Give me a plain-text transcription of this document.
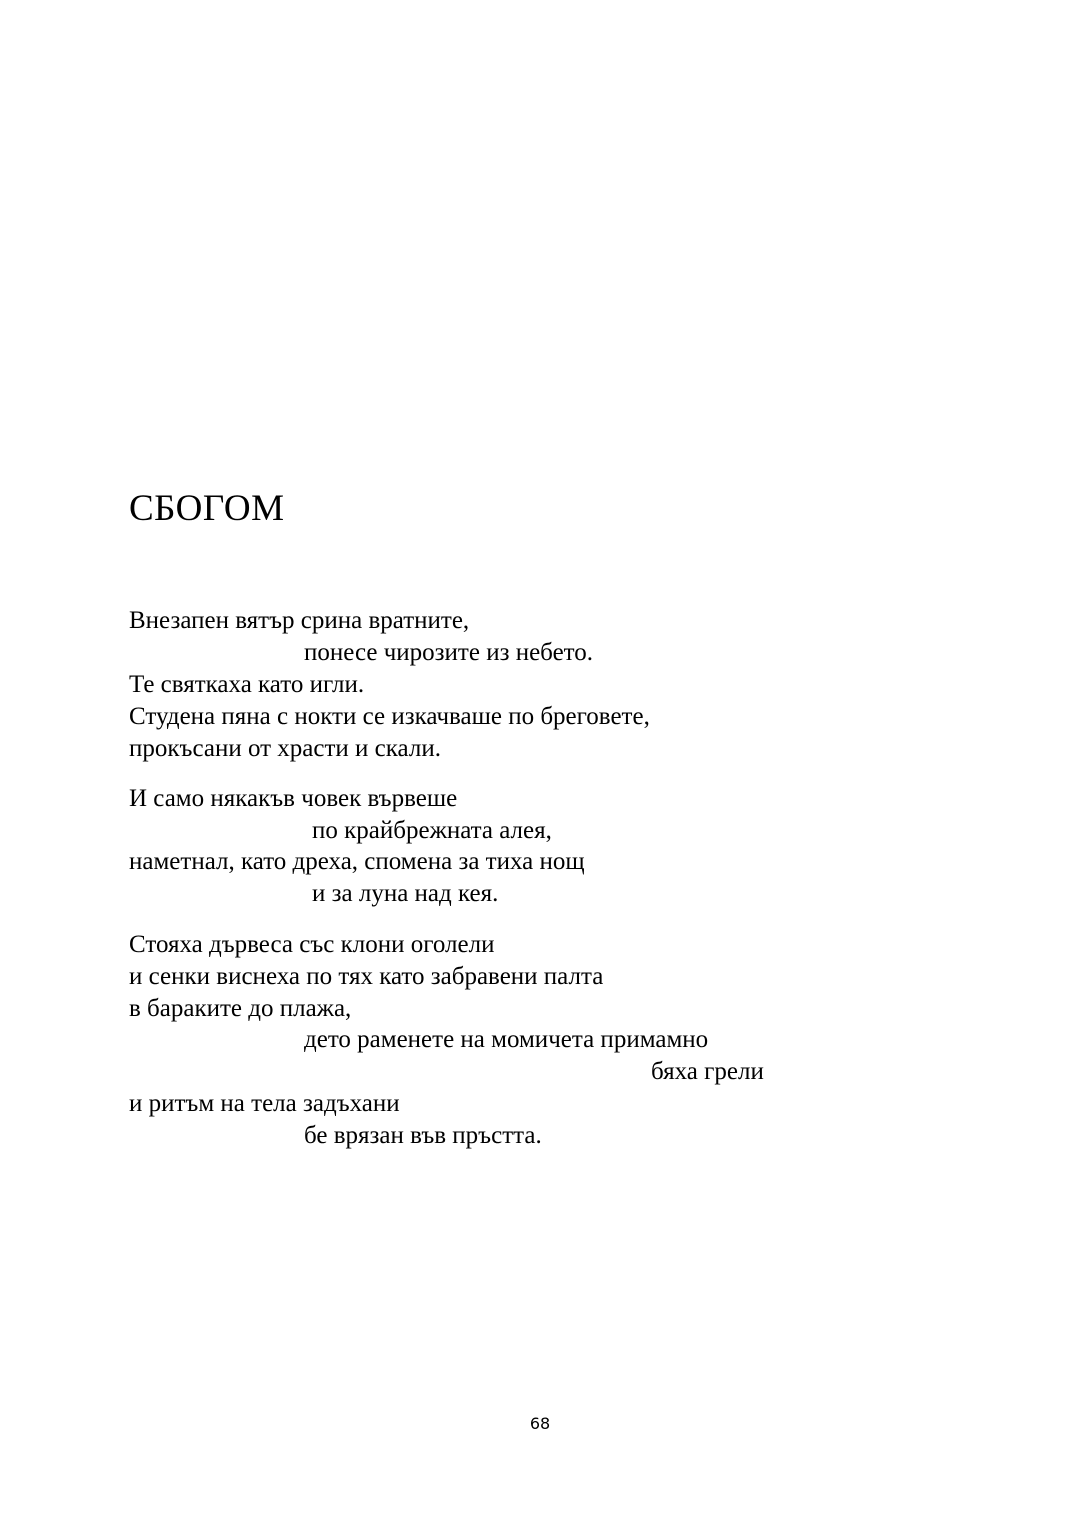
СБОГОМ
Внезапен вятър срина вратните,
понесе чирозите из небето.
Те святкаха като игли.
Студена пяна с нокти се изкачваше по бреговете,
прокъсани от храсти и скали.
И само някакъв човек вървеше
по крайбрежната алея,
наметнал, като дреха, спомена за тиха нощ
и за луна над кея.
Стояха дървеса със клони оголели
и сенки виснеха по тях като забравени палта
в бараките до плажа,
дето раменете на момичета примамно
бяха грели
и ритъм на тела задъхани
бе врязан във пръстта.
68
